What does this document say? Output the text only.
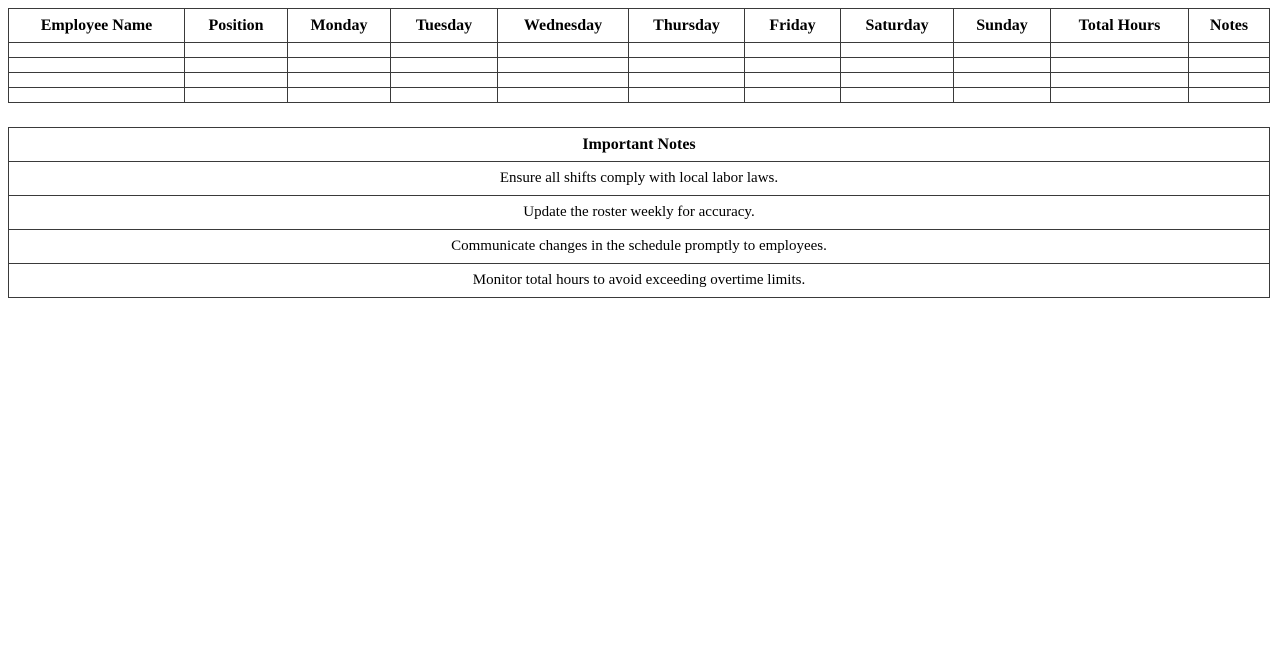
Employee Name	Position	Monday	Tuesday	Wednesday	Thursday	Friday	Saturday	Sunday	Total Hours	Notes

Important Notes
Ensure all shifts comply with local labor laws.
Update the roster weekly for accuracy.
Communicate changes in the schedule promptly to employees.
Monitor total hours to avoid exceeding overtime limits.
